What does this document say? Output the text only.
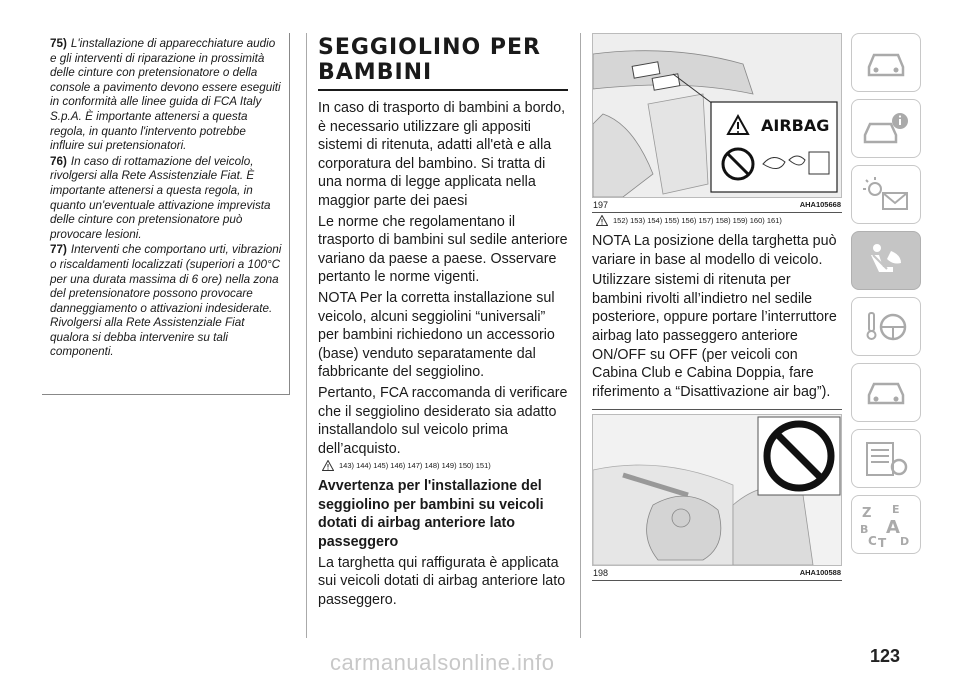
75) L'installazione di apparecchiature audio e gli interventi di riparazione in prossimità delle cinture con pretensionatore o della console a pavimento devono essere eseguiti in conformità alle linee guida di FCA Italy S.p.A. È importante attenersi a questa regola, in quanto l'intervento potrebbe influire sui pretensionatori.

76) In caso di rottamazione del veicolo, rivolgersi alla Rete Assistenziale Fiat. È importante attenersi a questa regola, in quanto un'eventuale attivazione imprevista delle cinture con pretensionatore può provocare lesioni.

77) Interventi che comportano urti, vibrazioni o riscaldamenti localizzati (superiori a 100°C per una durata massima di 6 ore) nella zona del pretensionatore possono provocare danneggiamento o attivazioni indesiderate. Rivolgersi alla Rete Assistenziale Fiat qualora si debba intervenire su tali componenti.

SEGGIOLINO PER
BAMBINI

In caso di trasporto di bambini a bordo, è necessario utilizzare gli appositi sistemi di ritenuta, adatti all'età e alla corporatura del bambino. Si tratta di una norma di legge applicata nella maggior parte dei paesi

Le norme che regolamentano il trasporto di bambini sul sedile anteriore variano da paese a paese. Osservare pertanto le norme vigenti.

NOTA Per la corretta installazione sul veicolo, alcuni seggiolini “universali” per bambini richiedono un accessorio (base) venduto separatamente dal fabbricante del seggiolino.

Pertanto, FCA raccomanda di verificare che il seggiolino desiderato sia adatto installandolo sul veicolo prima dell’acquisto.

143) 144) 145) 146) 147) 148) 149) 150) 151)
Avvertenza per l'installazione del seggiolino per bambini su veicoli dotati di airbag anteriore lato passeggero

La targhetta qui raffigurata è applicata sui veicoli dotati di airbag anteriore lato passeggero.

AIRBAG
197	AHA105668
152) 153) 154) 155) 156) 157) 158) 159) 160) 161)

NOTA La posizione della targhetta può variare in base al modello di veicolo.

Utilizzare sistemi di ritenuta per bambini rivolti all’indietro nel sedile posteriore, oppure portare l’interruttore airbag lato passeggero anteriore ON/OFF su OFF (per veicoli con Cabina Club e Cabina Doppia, fare riferimento a “Disattivazione air bag”).

198	AHA100588
Z E
B A
C T D
123
carmanualsonline.info
